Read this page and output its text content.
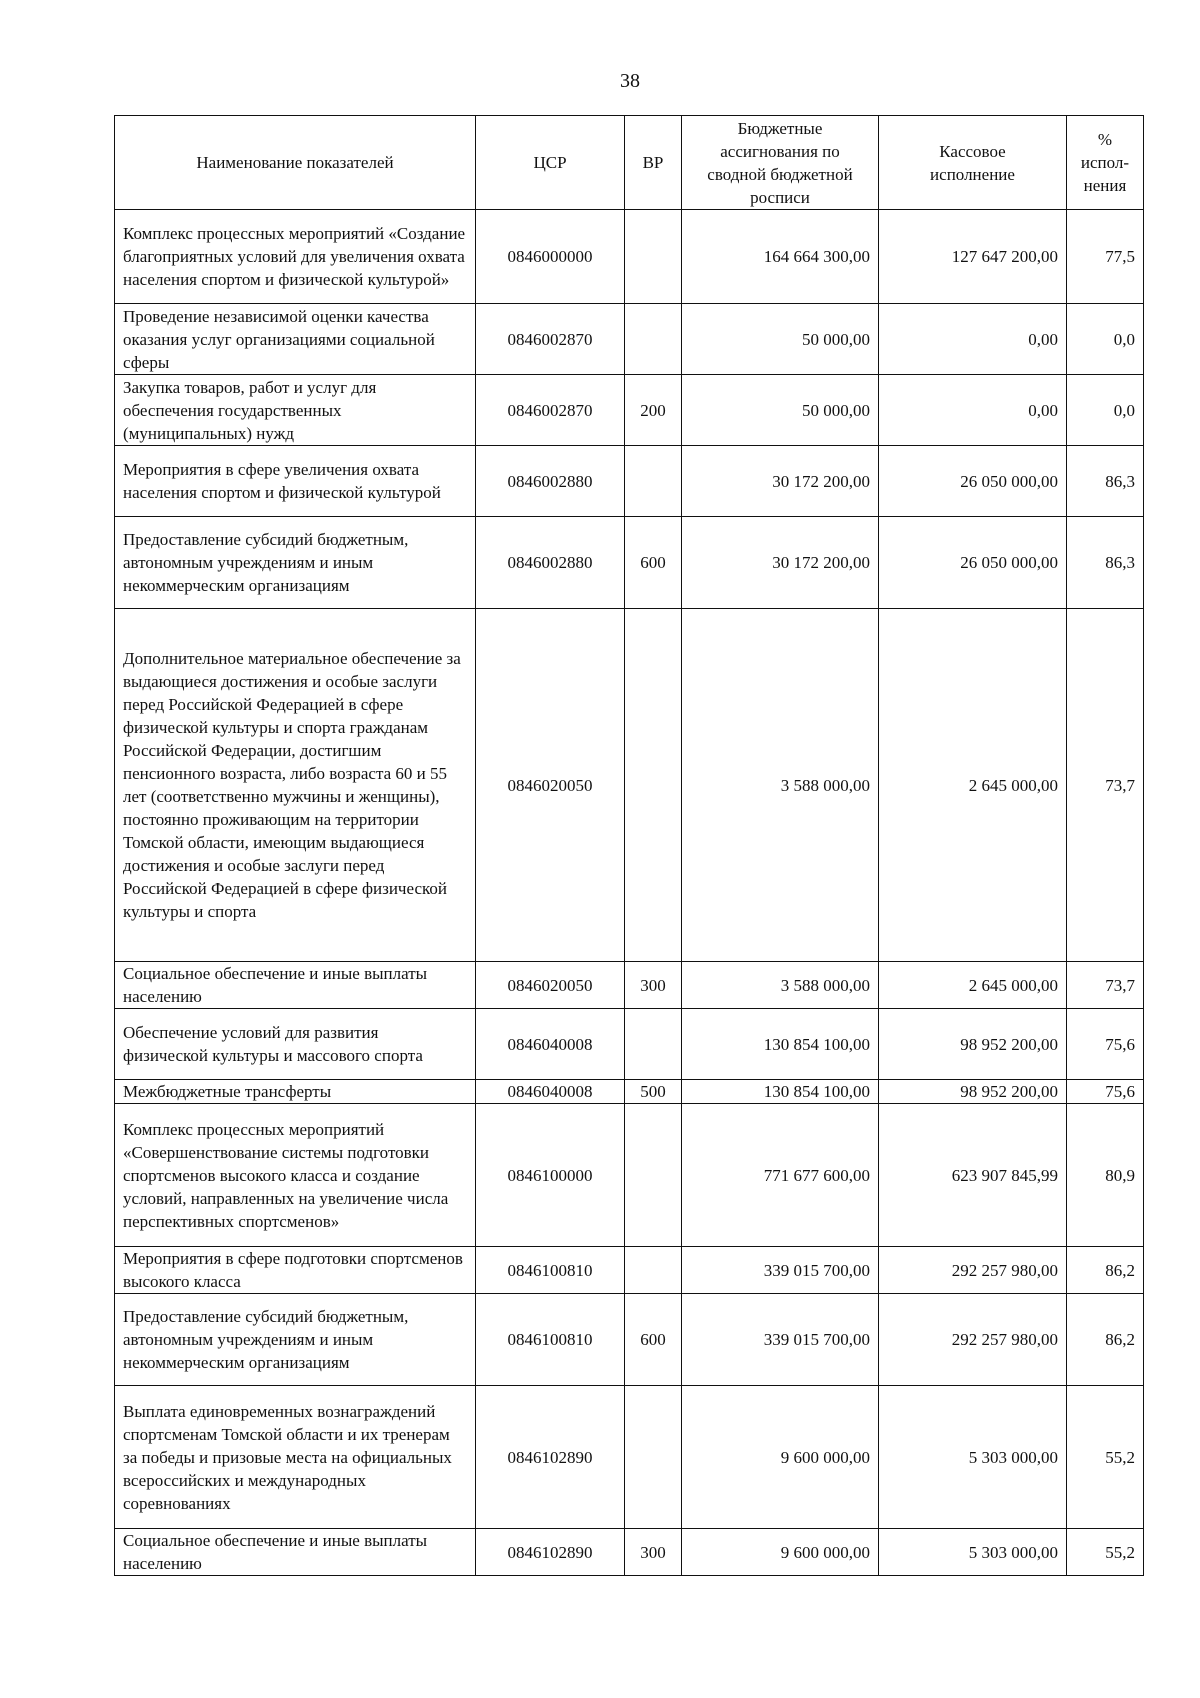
38
Наименование показателей	ЦСР	ВР	Бюджетные ассигнования по сводной бюджетной росписи	Кассовое исполнение	% испол-нения
Комплекс процессных мероприятий «Создание благоприятных условий для увеличения охвата населения спортом и физической культурой»	0846000000		164 664 300,00	127 647 200,00	77,5
Проведение независимой оценки качества оказания услуг организациями социальной сферы	0846002870		50 000,00	0,00	0,0
Закупка товаров, работ и услуг для обеспечения государственных (муниципальных) нужд	0846002870	200	50 000,00	0,00	0,0
Мероприятия в сфере увеличения охвата населения спортом и физической культурой	0846002880		30 172 200,00	26 050 000,00	86,3
Предоставление субсидий бюджетным, автономным учреждениям и иным некоммерческим организациям	0846002880	600	30 172 200,00	26 050 000,00	86,3
Дополнительное материальное обеспечение за выдающиеся достижения и особые заслуги перед Российской Федерацией в сфере физической культуры и спорта гражданам Российской Федерации, достигшим пенсионного возраста, либо возраста 60 и 55 лет (соответственно мужчины и женщины), постоянно проживающим на территории Томской области, имеющим выдающиеся достижения и особые заслуги перед Российской Федерацией в сфере физической культуры и спорта	0846020050		3 588 000,00	2 645 000,00	73,7
Социальное обеспечение и иные выплаты населению	0846020050	300	3 588 000,00	2 645 000,00	73,7
Обеспечение условий для развития физической культуры и массового спорта	0846040008		130 854 100,00	98 952 200,00	75,6
Межбюджетные трансферты	0846040008	500	130 854 100,00	98 952 200,00	75,6
Комплекс процессных мероприятий «Совершенствование системы подготовки спортсменов высокого класса и создание условий, направленных на увеличение числа перспективных спортсменов»	0846100000		771 677 600,00	623 907 845,99	80,9
Мероприятия в сфере подготовки спортсменов высокого класса	0846100810		339 015 700,00	292 257 980,00	86,2
Предоставление субсидий бюджетным, автономным учреждениям и иным некоммерческим организациям	0846100810	600	339 015 700,00	292 257 980,00	86,2
Выплата единовременных вознаграждений спортсменам Томской области и их тренерам за победы и призовые места на официальных всероссийских и международных соревнованиях	0846102890		9 600 000,00	5 303 000,00	55,2
Социальное обеспечение и иные выплаты населению	0846102890	300	9 600 000,00	5 303 000,00	55,2
